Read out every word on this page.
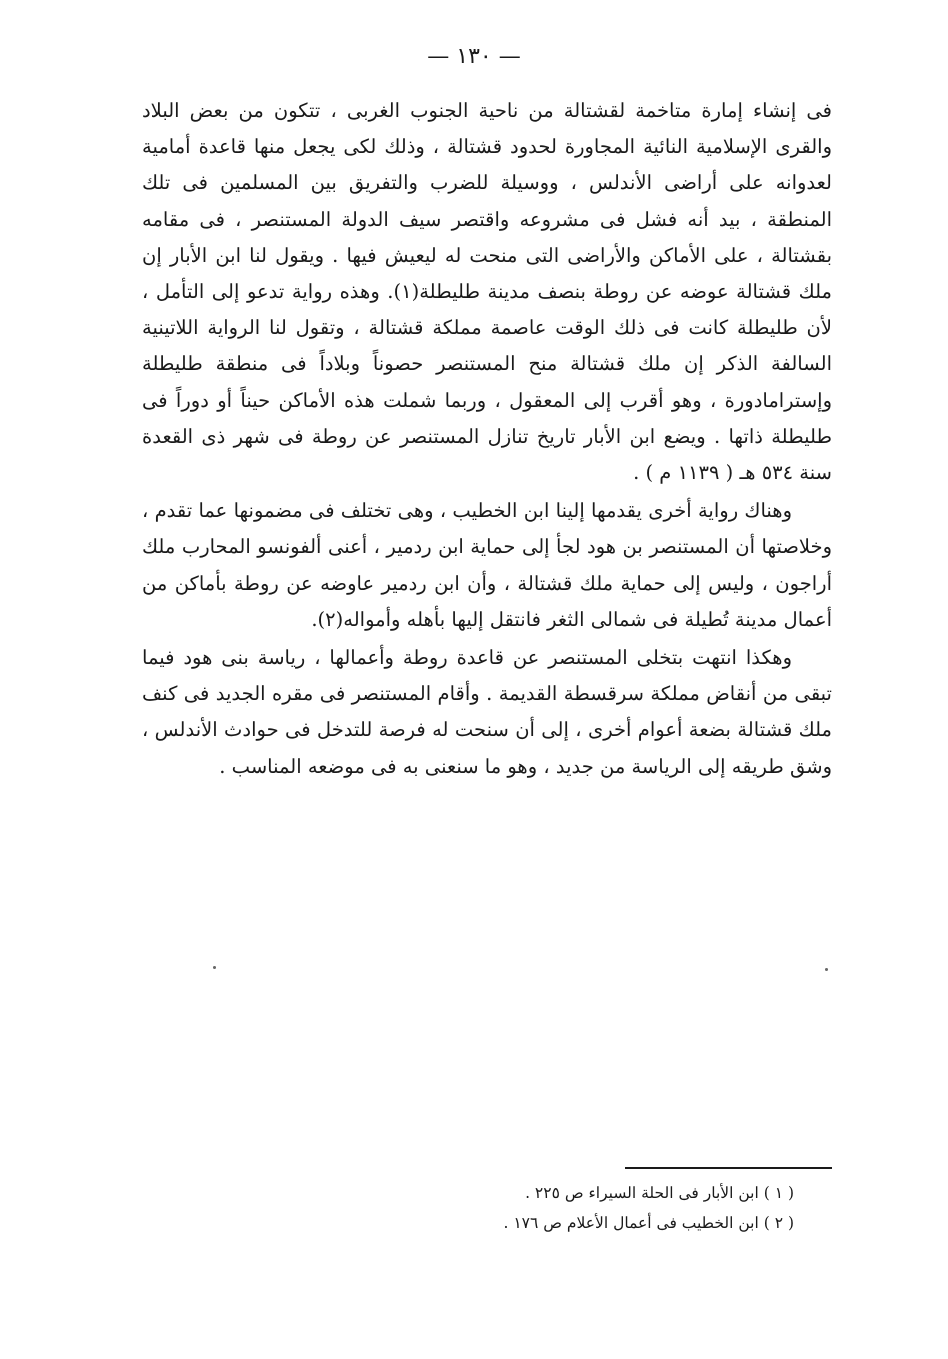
— ١٣٠ —

فى إنشاء إمارة متاخمة لقشتالة من ناحية الجنوب الغربى ، تتكون من بعض البلاد والقرى الإسلامية النائية المجاورة لحدود قشتالة ، وذلك لكى يجعل منها قاعدة أمامية لعدوانه على أراضى الأندلس ، ووسيلة للضرب والتفريق بين المسلمين فى تلك المنطقة ، بيد أنه فشل فى مشروعه واقتصر سيف الدولة المستنصر ، فى مقامه بقشتالة ، على الأماكن والأراضى التى منحت له ليعيش فيها . ويقول لنا ابن الأبار إن ملك قشتالة عوضه عن روطة بنصف مدينة طليطلة(١). وهذه رواية تدعو إلى التأمل ، لأن طليطلة كانت فى ذلك الوقت عاصمة مملكة قشتالة ، وتقول لنا الرواية اللاتينية السالفة الذكر إن ملك قشتالة منح المستنصر حصوناً وبلاداً فى منطقة طليطلة وإسترامادورة ، وهو أقرب إلى المعقول ، وربما شملت هذه الأماكن حيناً أو دوراً فى طليطلة ذاتها . ويضع ابن الأبار تاريخ تنازل المستنصر عن روطة فى شهر ذى القعدة سنة ٥٣٤ هـ ( ١١٣٩ م ) .

وهناك رواية أخرى يقدمها إلينا ابن الخطيب ، وهى تختلف فى مضمونها عما تقدم ، وخلاصتها أن المستنصر بن هود لجأ إلى حماية ابن ردمير ، أعنى ألفونسو المحارب ملك أراجون ، وليس إلى حماية ملك قشتالة ، وأن ابن ردمير عاوضه عن روطة بأماكن من أعمال مدينة تُطيلة فى شمالى الثغر فانتقل إليها بأهله وأمواله(٢).

وهكذا انتهت بتخلى المستنصر عن قاعدة روطة وأعمالها ، رياسة بنى هود فيما تبقى من أنقاض مملكة سرقسطة القديمة . وأقام المستنصر فى مقره الجديد فى كنف ملك قشتالة بضعة أعوام أخرى ، إلى أن سنحت له فرصة للتدخل فى حوادث الأندلس ، وشق طريقه إلى الرياسة من جديد ، وهو ما سنعنى به فى موضعه المناسب .

( ١ ) ابن الأبار فى الحلة السيراء ص ٢٢٥ .

( ٢ ) ابن الخطيب فى أعمال الأعلام ص ١٧٦ .
